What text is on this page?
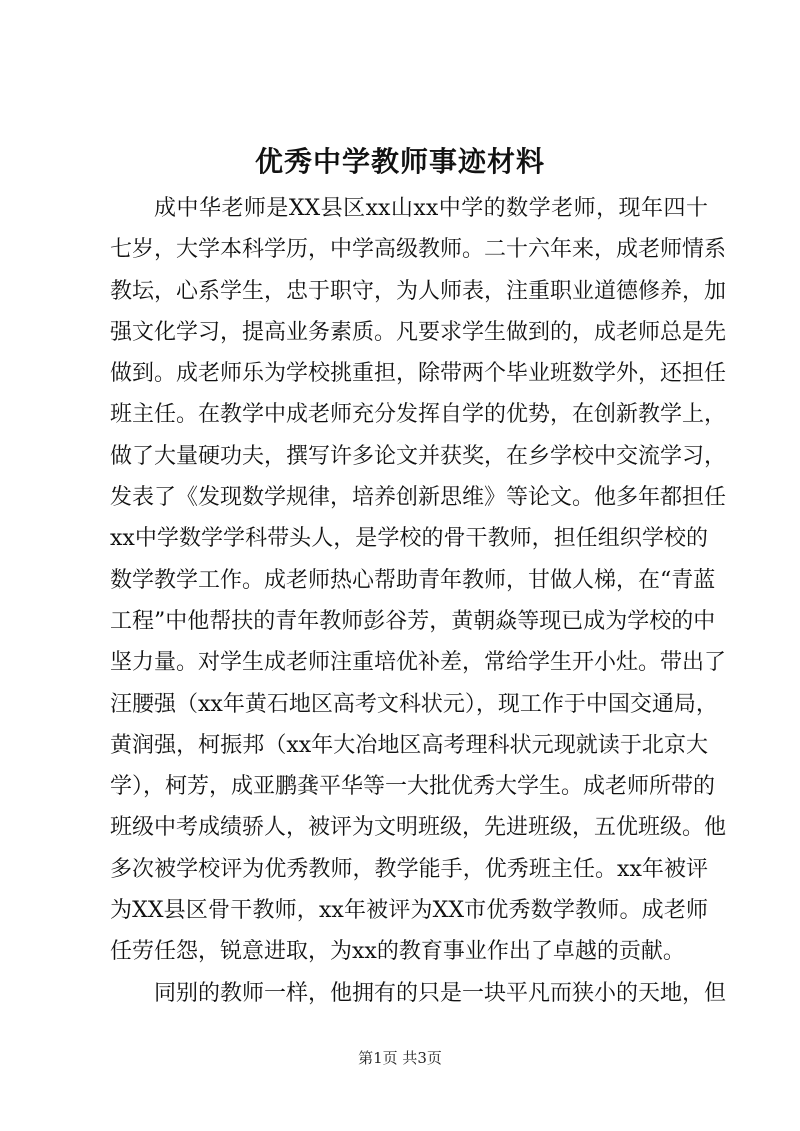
优秀中学教师事迹材料
成中华老师是XX县区xx山xx中学的数学老师，现年四十
七岁，大学本科学历，中学高级教师。二十六年来，成老师情系
教坛，心系学生，忠于职守，为人师表，注重职业道德修养，加
强文化学习，提高业务素质。凡要求学生做到的，成老师总是先
做到。成老师乐为学校挑重担，除带两个毕业班数学外，还担任
班主任。在教学中成老师充分发挥自学的优势，在创新教学上，
做了大量硬功夫，撰写许多论文并获奖，在乡学校中交流学习，
发表了《发现数学规律，培养创新思维》等论文。他多年都担任
xx中学数学学科带头人，是学校的骨干教师，担任组织学校的
数学教学工作。成老师热心帮助青年教师，甘做人梯，在“青蓝
工程”中他帮扶的青年教师彭谷芳，黄朝焱等现已成为学校的中
坚力量。对学生成老师注重培优补差，常给学生开小灶。带出了
汪腰强（xx年黄石地区高考文科状元），现工作于中国交通局，
黄润强，柯振邦（xx年大冶地区高考理科状元现就读于北京大
学），柯芳，成亚鹏龚平华等一大批优秀大学生。成老师所带的
班级中考成绩骄人，被评为文明班级，先进班级，五优班级。他
多次被学校评为优秀教师，教学能手，优秀班主任。xx年被评
为XX县区骨干教师，xx年被评为XX市优秀数学教师。成老师
任劳任怨，锐意进取，为xx的教育事业作出了卓越的贡献。
同别的教师一样，他拥有的只是一块平凡而狭小的天地，但
第1页 共3页
